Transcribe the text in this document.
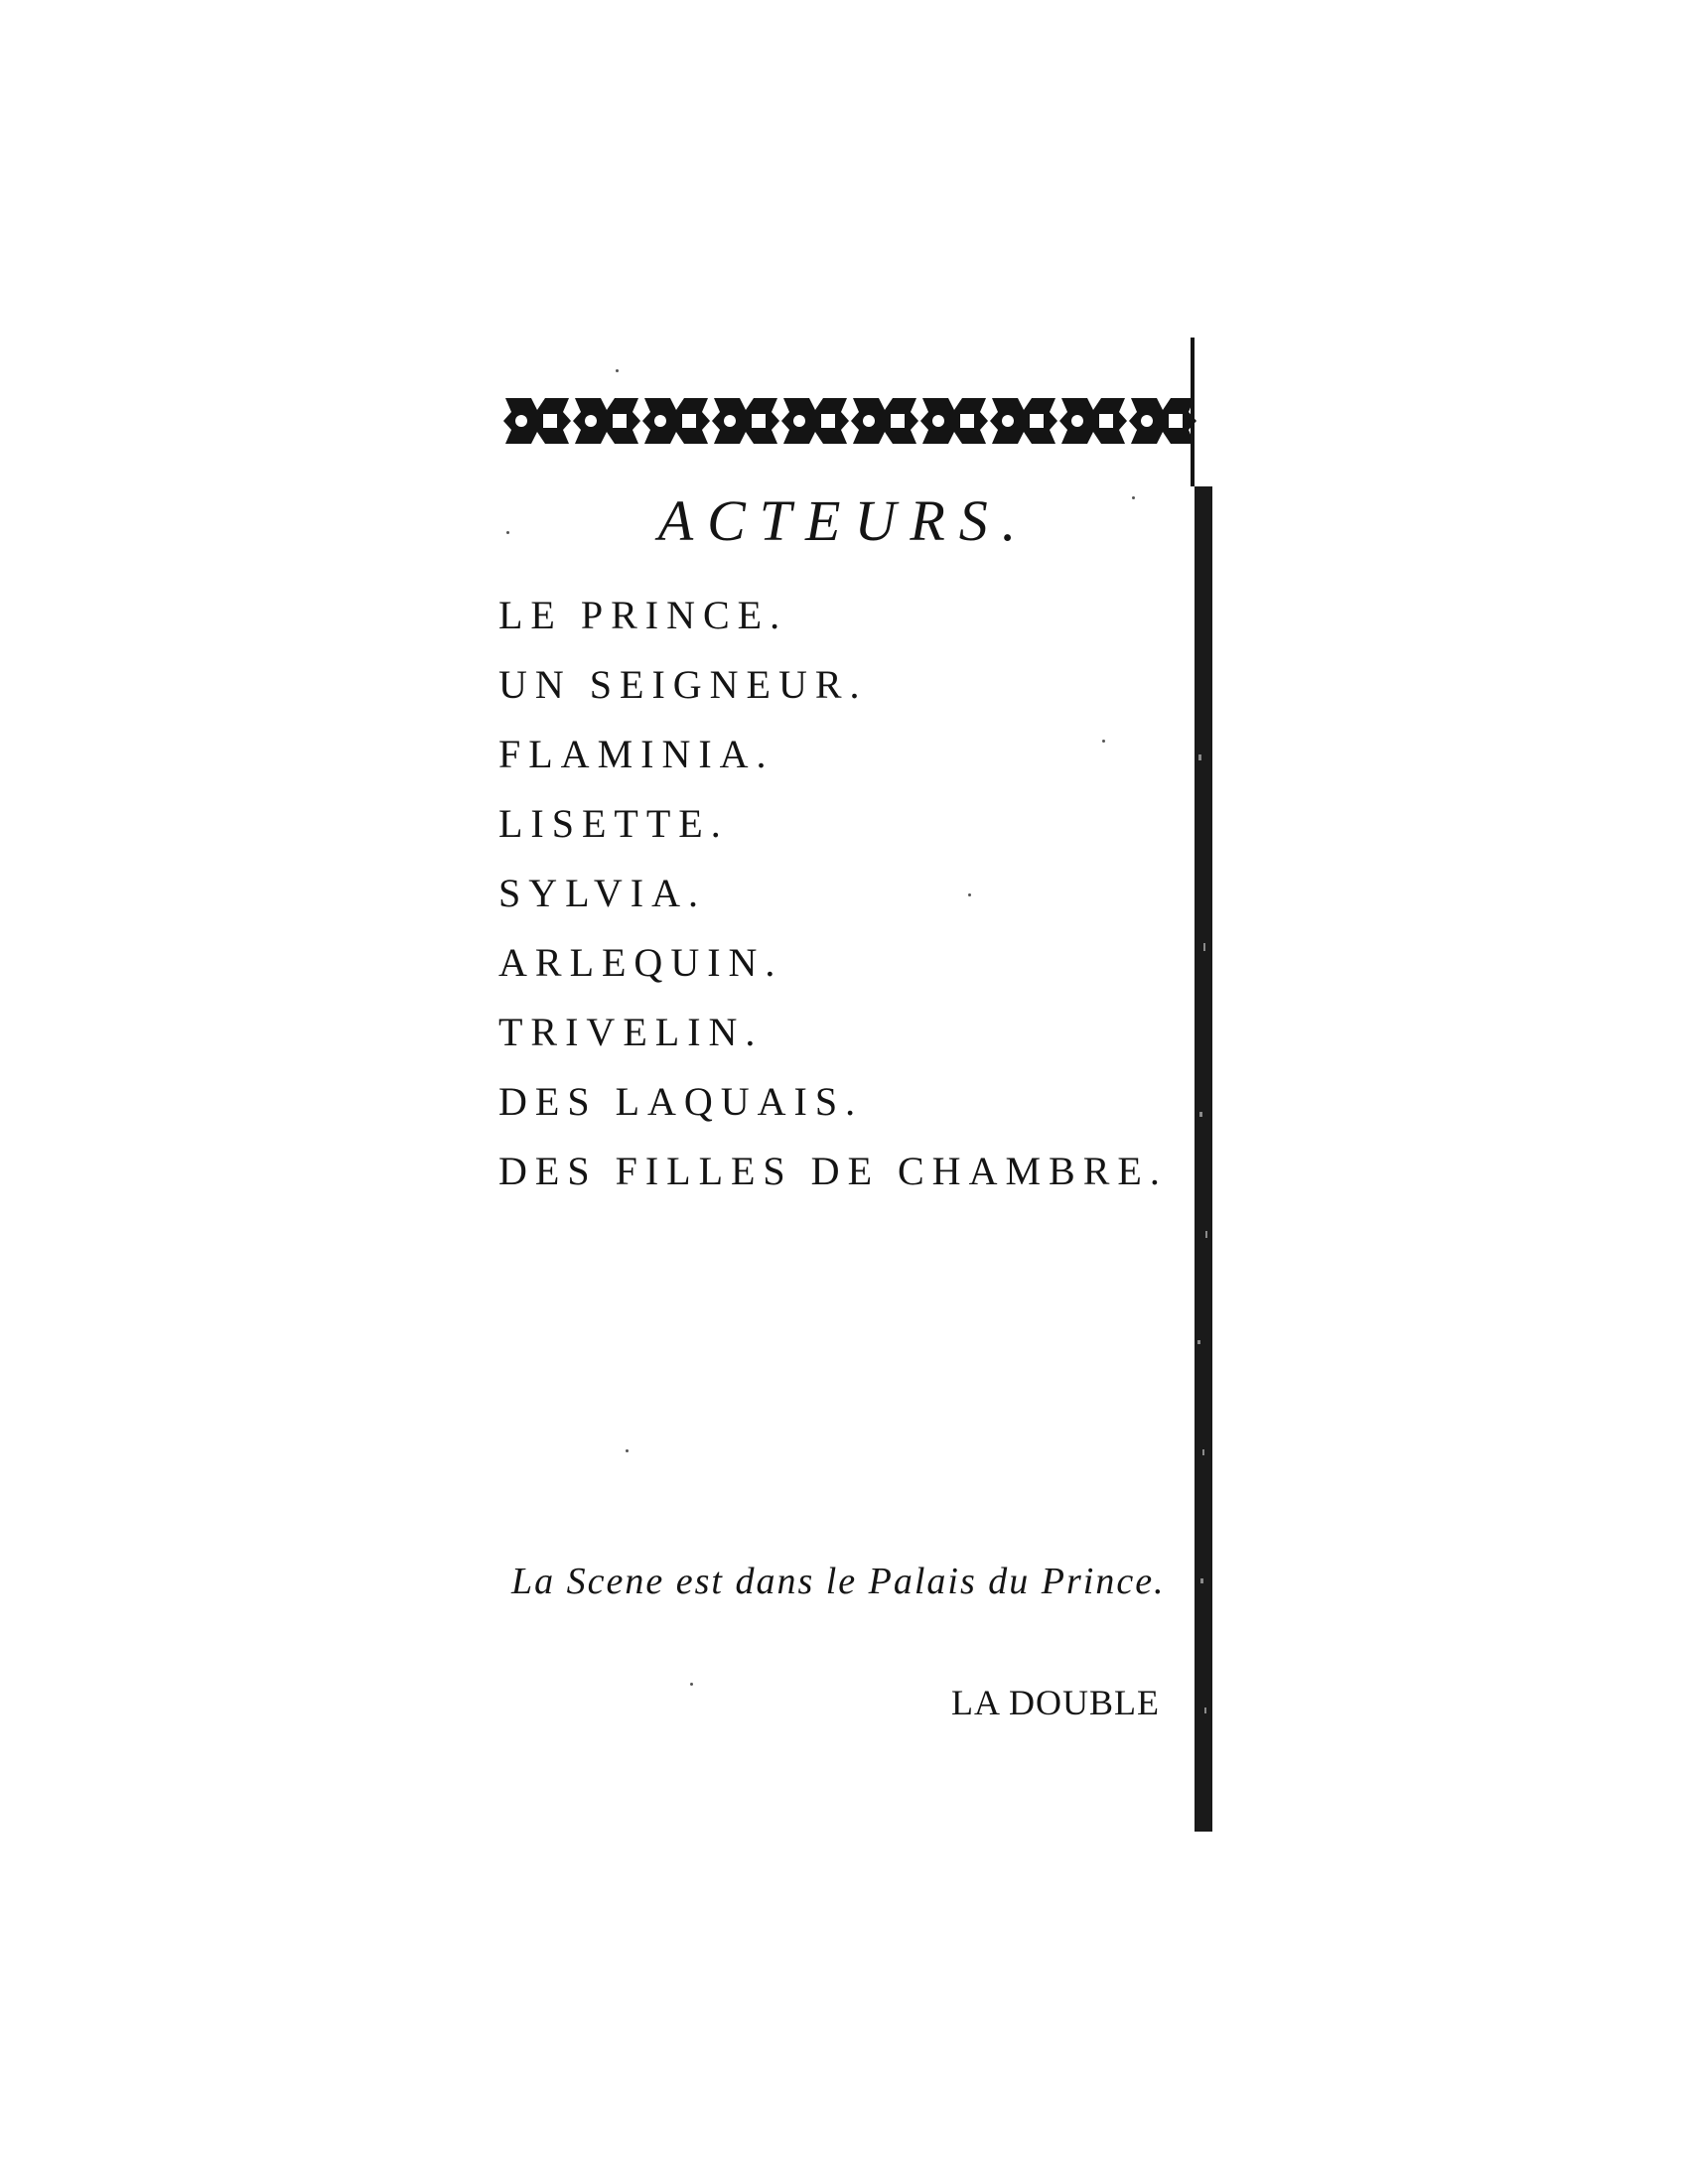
ACTEURS.
LE PRINCE.
UN SEIGNEUR.
FLAMINIA.
LISETTE.
SYLVIA.
ARLEQUIN.
TRIVELIN.
DES LAQUAIS.
DES FILLES DE CHAMBRE.
La Scene est dans le Palais du Prince.
LA DOUBLE
